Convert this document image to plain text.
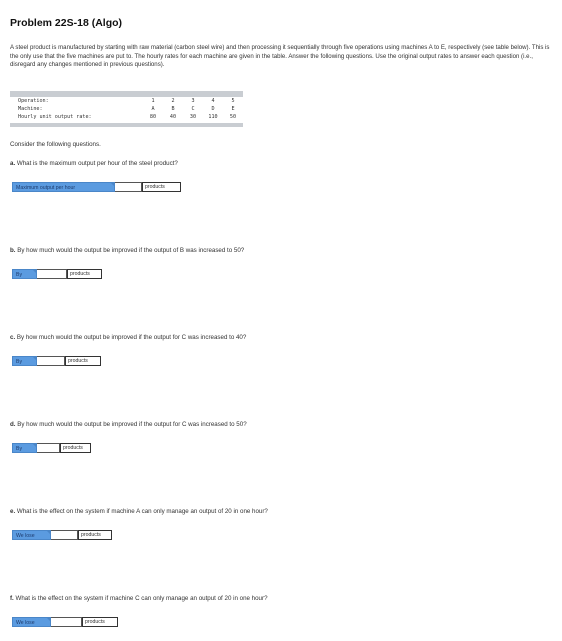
Problem 22S-18 (Algo)
A steel product is manufactured by starting with raw material (carbon steel wire) and then processing it sequentially through five operations using machines A to E, respectively (see table below). This is the only use that the five machines are put to. The hourly rates for each machine are given in the table. Answer the following questions. Use the original output rates to answer each question (i.e., disregard any changes mentioned in previous questions).
Operation:	1	2	3	4	5
Machine:	A	B	C	D	E
Hourly unit output rate:	80	40	30	110	50
Consider the following questions.
a. What is the maximum output per hour of the steel product?
Maximum output per hour	products
b. By how much would the output be improved if the output of B was increased to 50?
By	products
c. By how much would the output be improved if the output for C was increased to 40?
By	products
d. By how much would the output be improved if the output for C was increased to 50?
By	products
e. What is the effect on the system if machine A can only manage an output of 20 in one hour?
We lose	products
f. What is the effect on the system if machine C can only manage an output of 20 in one hour?
We lose	products
